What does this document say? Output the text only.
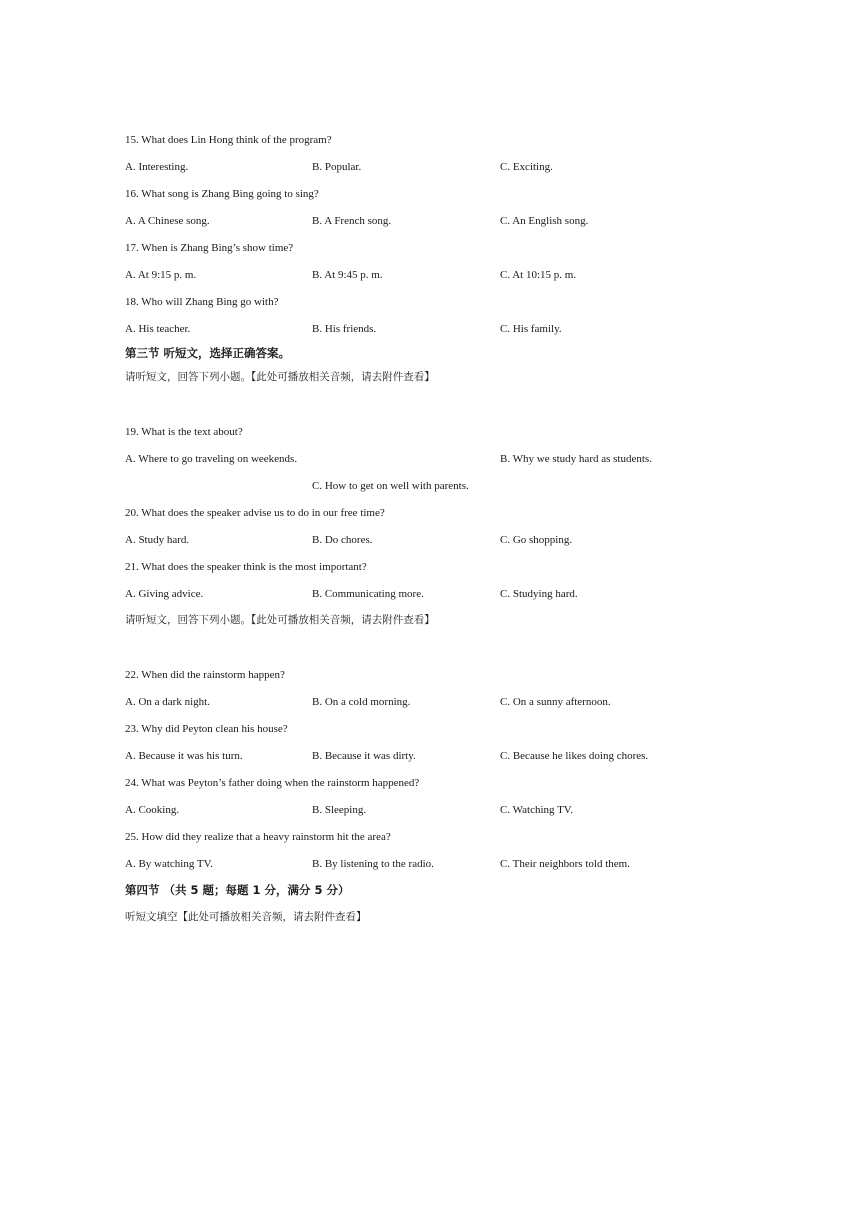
15. What does Lin Hong think of the program?
A. Interesting.	B. Popular.	C. Exciting.
16. What song is Zhang Bing going to sing?
A. A Chinese song.	B. A French song.	C. An English song.
17. When is Zhang Bing’s show time?
A. At 9:15 p. m.	B. At 9:45 p. m.	C. At 10:15 p. m.
18. Who will Zhang Bing go with?
A. His teacher.	B. His friends.	C. His family.
第三节 听短文，选择正确答案。
请听短文，回答下列小题。【此处可播放相关音频，请去附件查看】
19. What is the text about?
A. Where to go traveling on weekends.	B. Why we study hard as students.
C. How to get on well with parents.
20. What does the speaker advise us to do in our free time?
A. Study hard.	B. Do chores.	C. Go shopping.
21. What does the speaker think is the most important?
A. Giving advice.	B. Communicating more.	C. Studying hard.
请听短文，回答下列小题。【此处可播放相关音频，请去附件查看】
22. When did the rainstorm happen?
A. On a dark night.	B. On a cold morning.	C. On a sunny afternoon.
23. Why did Peyton clean his house?
A. Because it was his turn.	B. Because it was dirty.	C. Because he likes doing chores.
24. What was Peyton’s father doing when the rainstorm happened?
A. Cooking.	B. Sleeping.	C. Watching TV.
25. How did they realize that a heavy rainstorm hit the area?
A. By watching TV.	B. By listening to the radio.	C. Their neighbors told them.
第四节 （共 5 题；每题 1 分，满分 5 分）
听短文填空【此处可播放相关音频，请去附件查看】
